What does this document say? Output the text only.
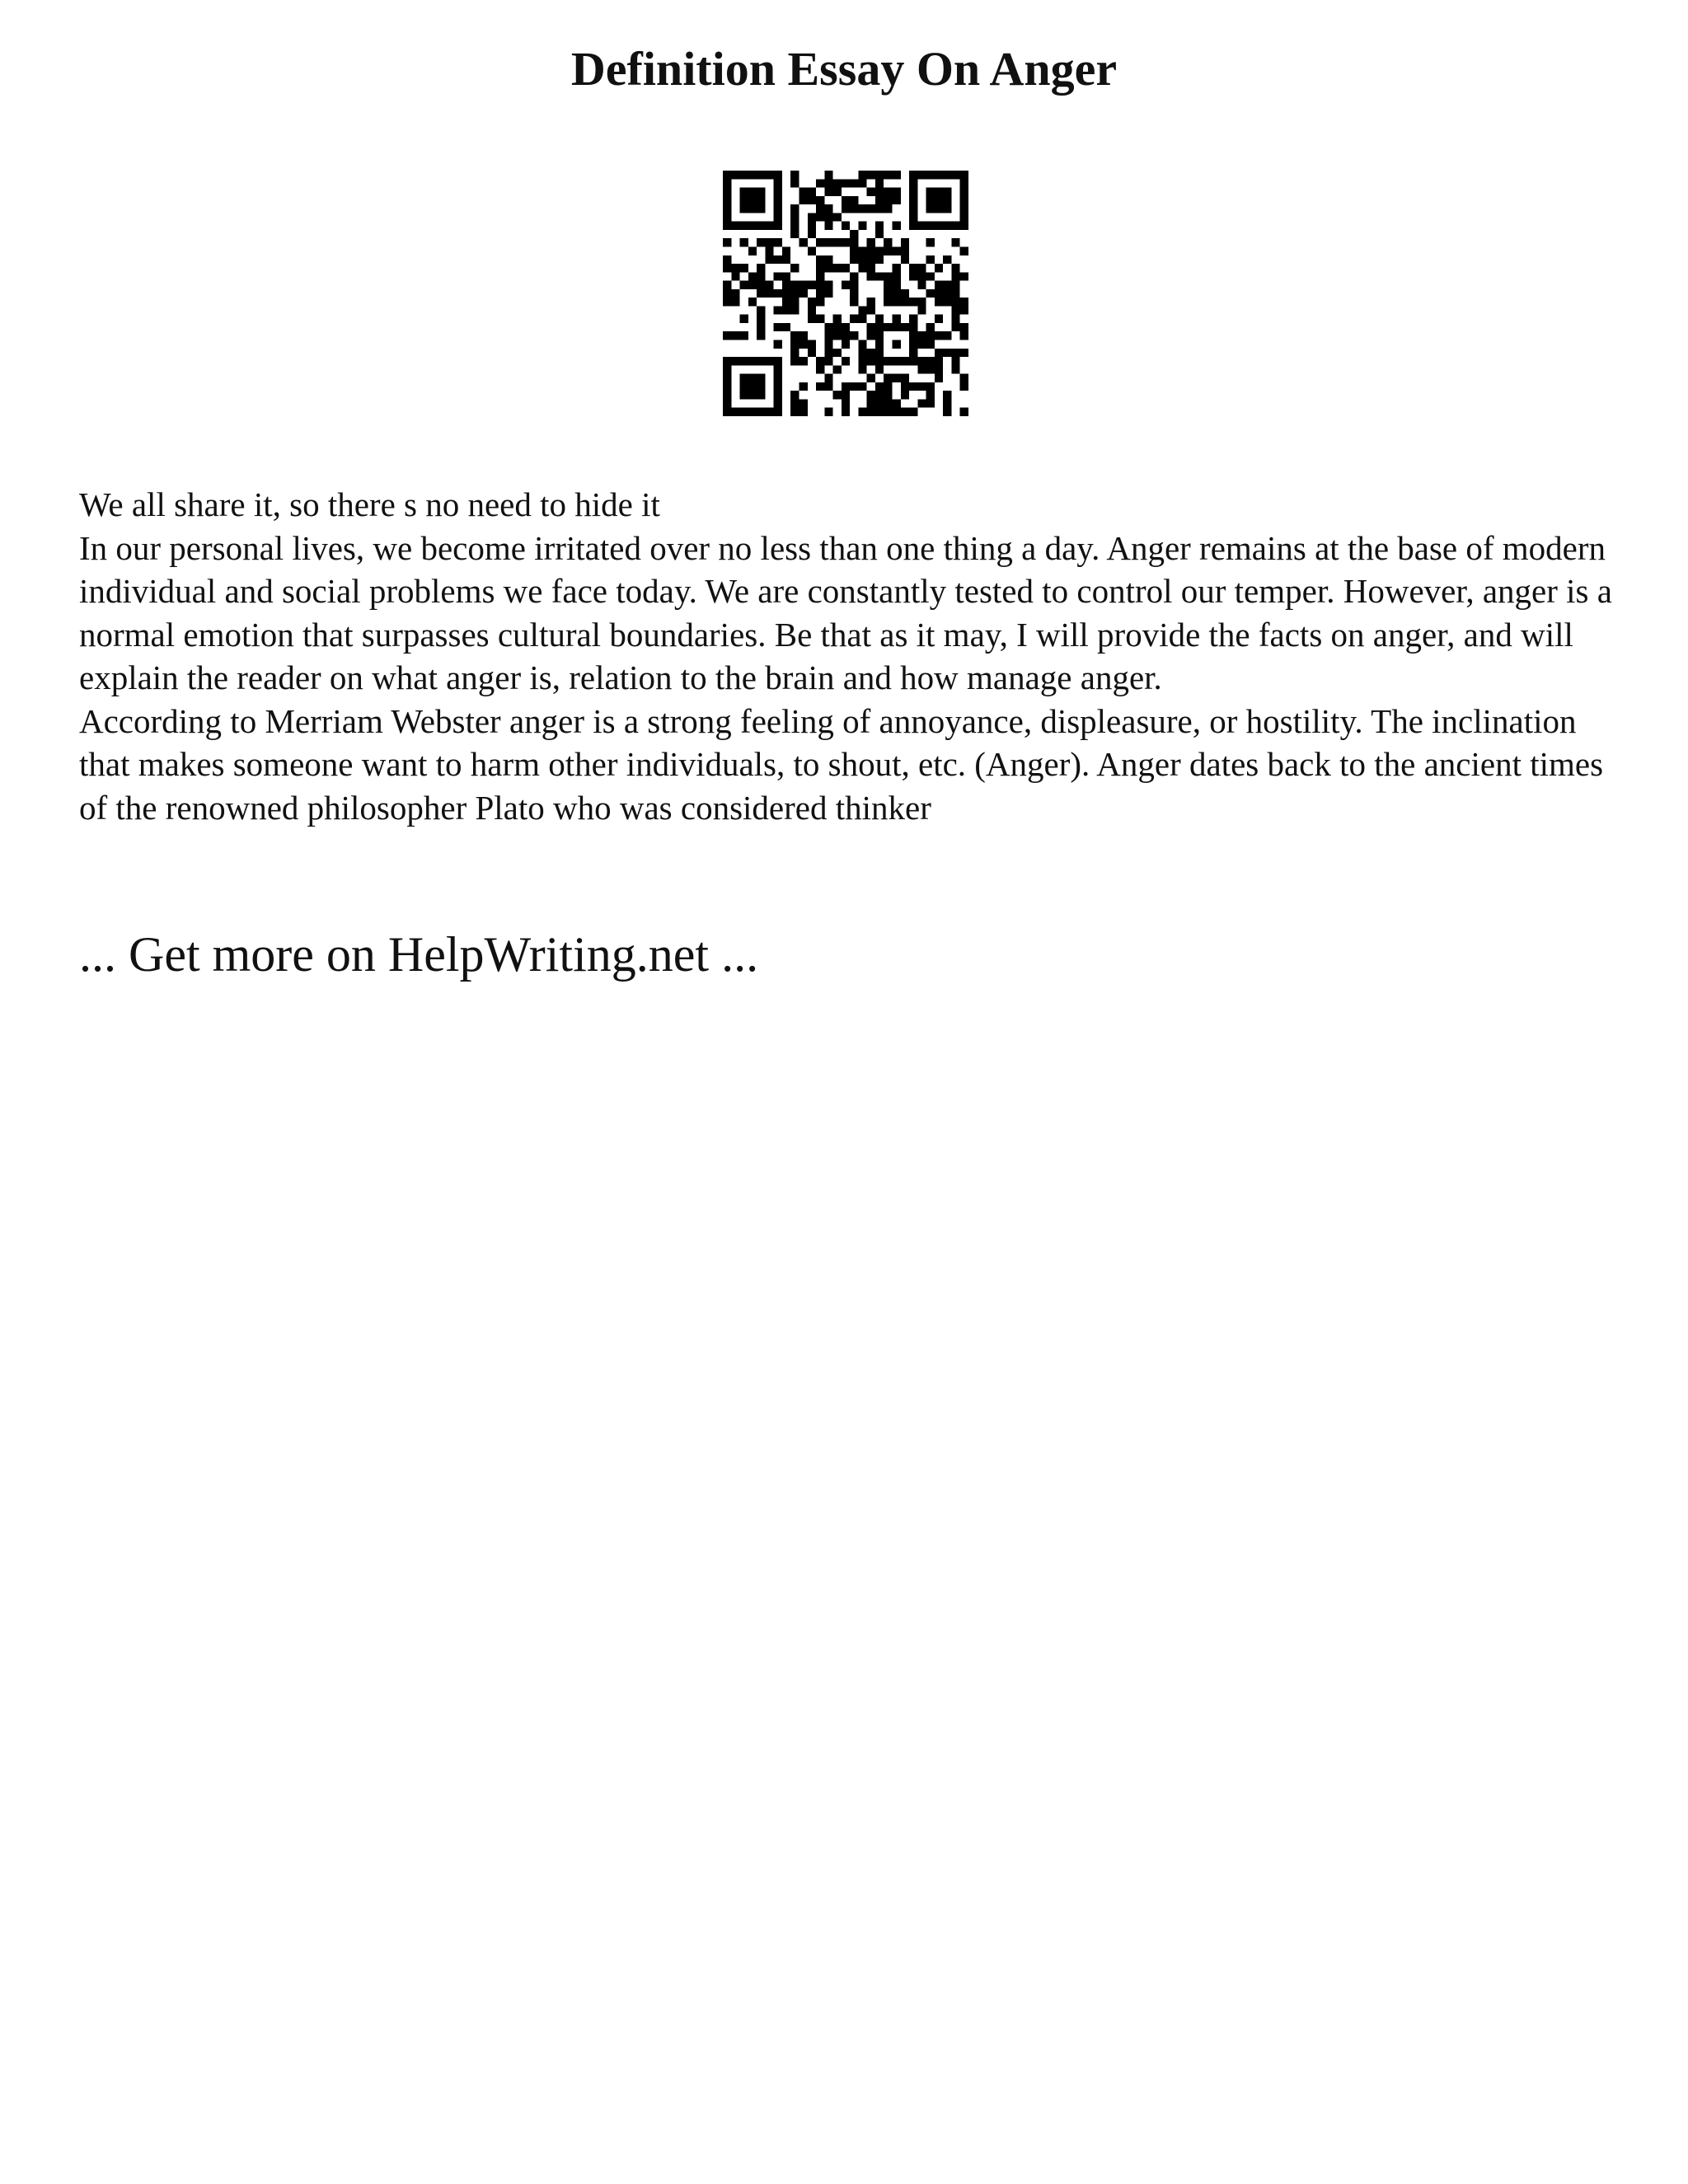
Definition Essay On Anger

We all share it, so there s no need to hide it

In our personal lives, we become irritated over no less than one thing a day. Anger remains at the base of modern individual and social problems we face today. We are constantly tested to control our temper. However, anger is a normal emotion that surpasses cultural boundaries. Be that as it may, I will provide the facts on anger, and will explain the reader on what anger is, relation to the brain and how manage anger.

According to Merriam Webster anger is a strong feeling of annoyance, displeasure, or hostility. The inclination that makes someone want to harm other individuals, to shout, etc. (Anger). Anger dates back to the ancient times of the renowned philosopher Plato who was considered thinker

... Get more on HelpWriting.net ...
